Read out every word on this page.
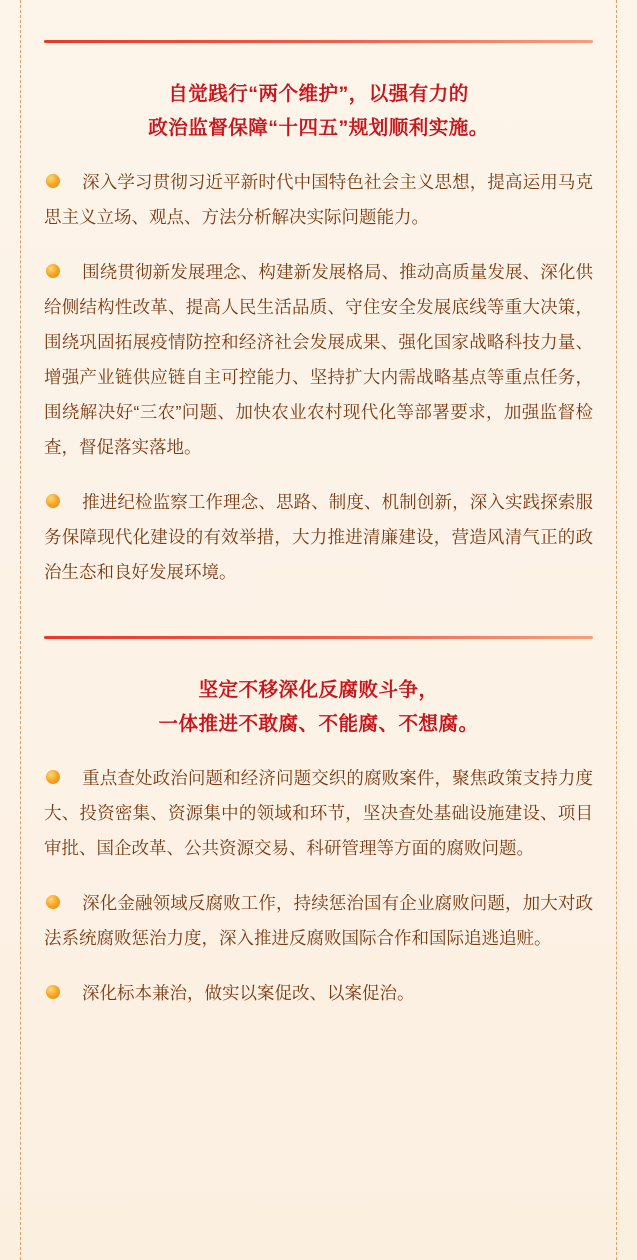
自觉践行“两个维护”，以强有力的
政治监督保障“十四五”规划顺利实施。
深入学习贯彻习近平新时代中国特色社会主义思想，提高运用马克思主义立场、观点、方法分析解决实际问题能力。
围绕贯彻新发展理念、构建新发展格局、推动高质量发展、深化供给侧结构性改革、提高人民生活品质、守住安全发展底线等重大决策，围绕巩固拓展疫情防控和经济社会发展成果、强化国家战略科技力量、增强产业链供应链自主可控能力、坚持扩大内需战略基点等重点任务，围绕解决好“三农”问题、加快农业农村现代化等部署要求，加强监督检查，督促落实落地。
推进纪检监察工作理念、思路、制度、机制创新，深入实践探索服务保障现代化建设的有效举措，大力推进清廉建设，营造风清气正的政治生态和良好发展环境。
坚定不移深化反腐败斗争，
一体推进不敢腐、不能腐、不想腐。
重点查处政治问题和经济问题交织的腐败案件，聚焦政策支持力度大、投资密集、资源集中的领域和环节，坚决查处基础设施建设、项目审批、国企改革、公共资源交易、科研管理等方面的腐败问题。
深化金融领域反腐败工作，持续惩治国有企业腐败问题，加大对政法系统腐败惩治力度，深入推进反腐败国际合作和国际追逃追赃。
深化标本兼治，做实以案促改、以案促治。
